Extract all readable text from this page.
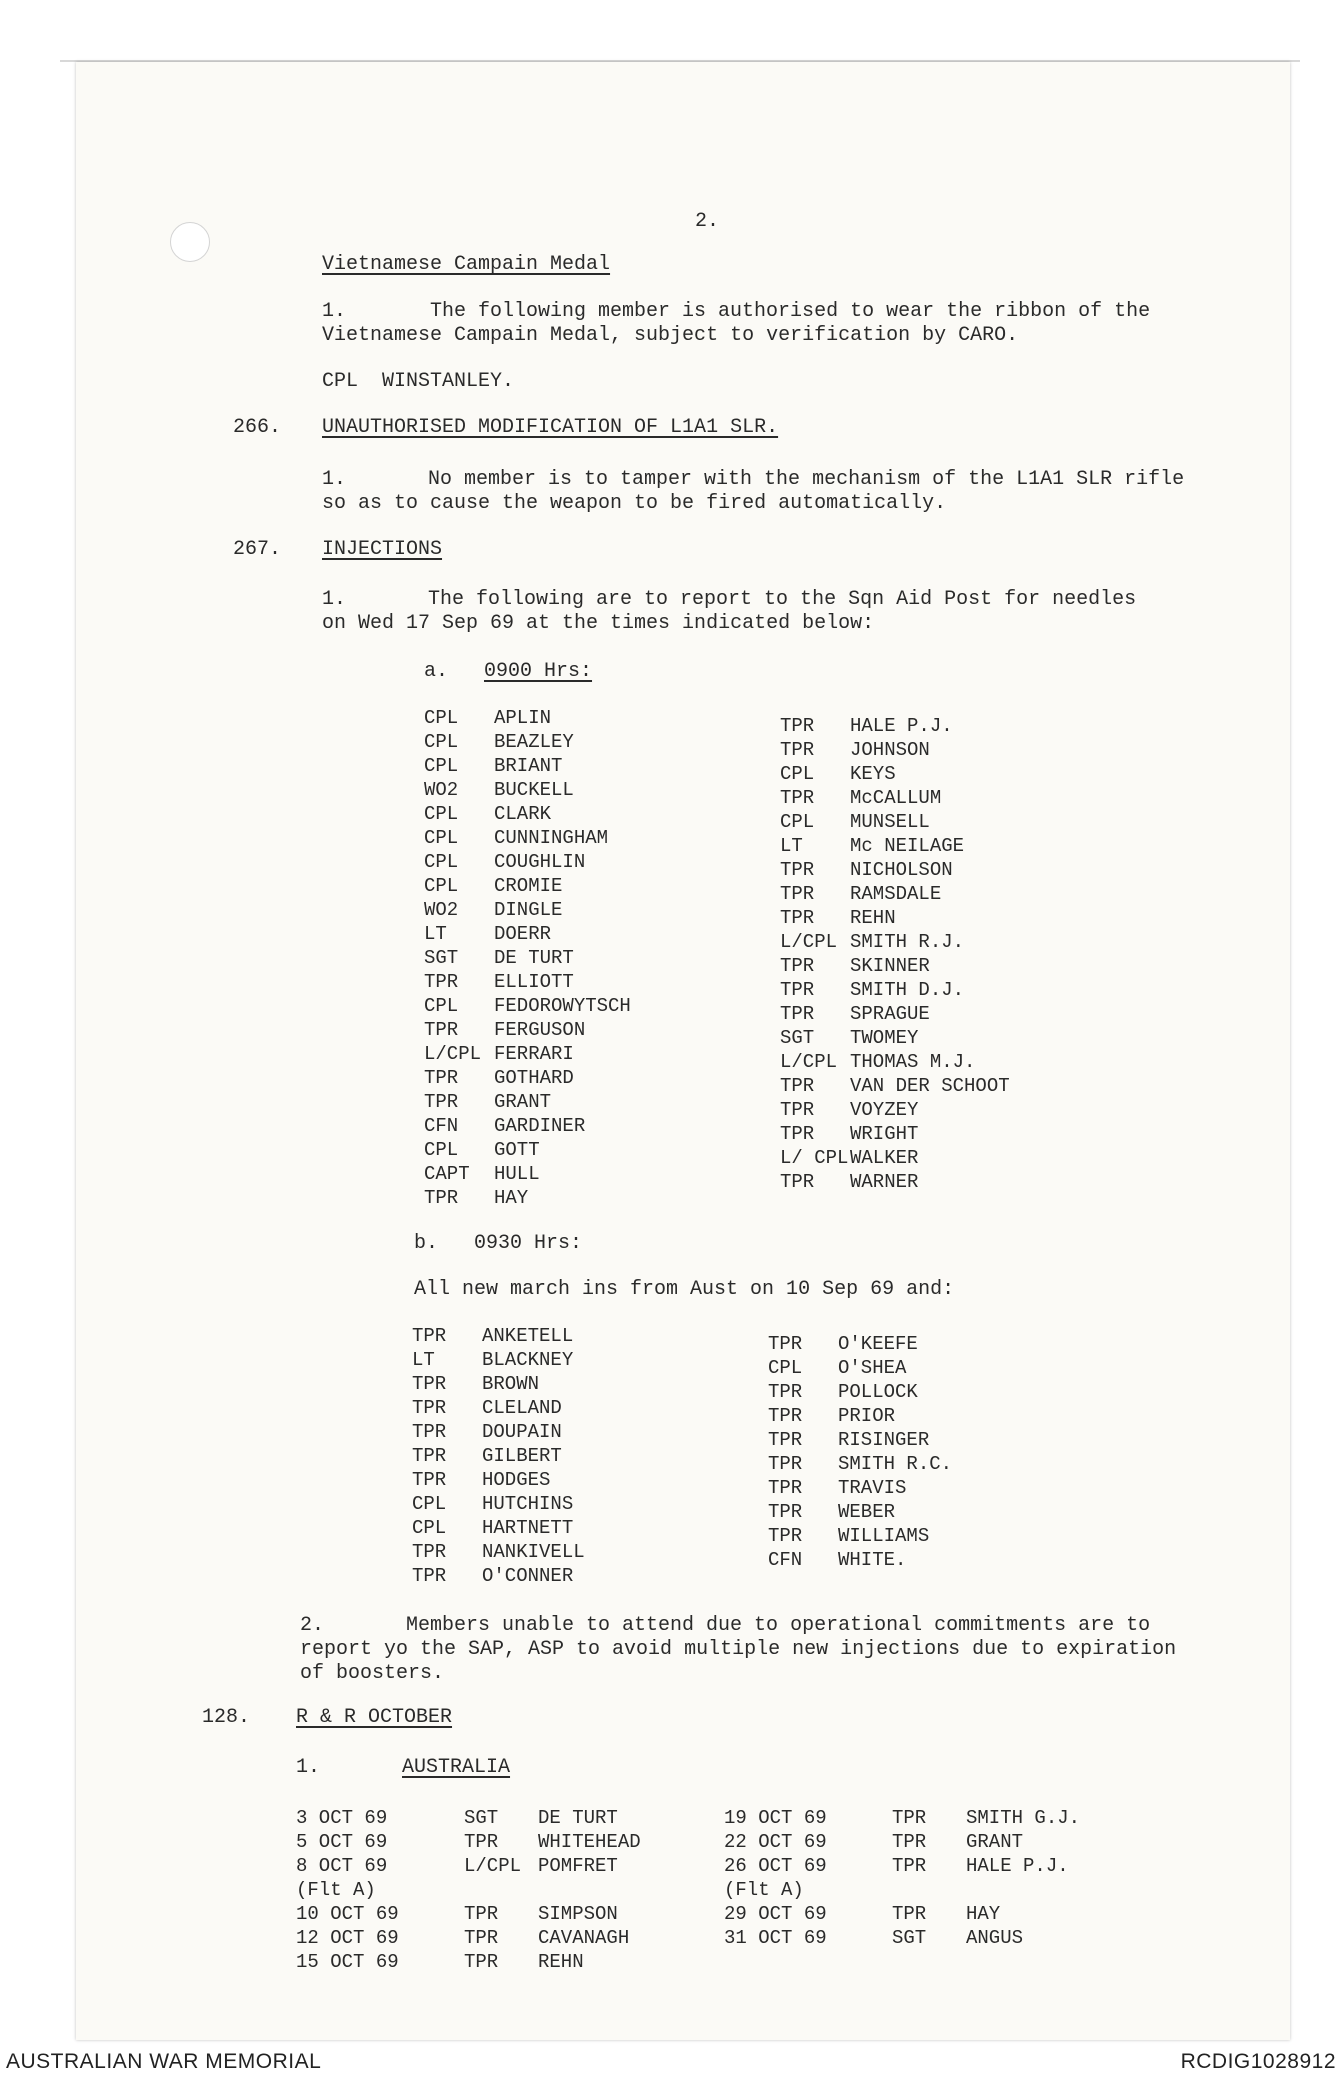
2.
Vietnamese Campain Medal
1.	The following member is authorised to wear the ribbon of the Vietnamese Campain Medal, subject to verification by CARO.
CPL  WINSTANLEY.
266. UNAUTHORISED MODIFICATION OF L1A1 SLR.
1.	No member is to tamper with the mechanism of the L1A1 SLR rifle so as to cause the weapon to be fired automatically.
267. INJECTIONS
1.	The following are to report to the Sqn Aid Post for needles on Wed 17 Sep 69 at the times indicated below:
a. 0900 Hrs:
CPL APLIN
CPL BEAZLEY
CPL BRIANT
WO2 BUCKELL
CPL CLARK
CPL CUNNINGHAM
CPL COUGHLIN
CPL CROMIE
WO2 DINGLE
LT DOERR
SGT DE TURT
TPR ELLIOTT
CPL FEDOROWYTSCH
TPR FERGUSON
L/CPL FERRARI
TPR GOTHARD
TPR GRANT
CFN GARDINER
CPL GOTT
CAPT HULL
TPR HAY
TPR HALE P.J.
TPR JOHNSON
CPL KEYS
TPR McCALLUM
CPL MUNSELL
LT Mc NEILAGE
TPR NICHOLSON
TPR RAMSDALE
TPR REHN
L/CPL SMITH R.J.
TPR SKINNER
TPR SMITH D.J.
TPR SPRAGUE
SGT TWOMEY
L/CPL THOMAS M.J.
TPR VAN DER SCHOOT
TPR VOYZEY
TPR WRIGHT
L/ CPLWALKER
TPR WARNER
b. 0930 Hrs:
All new march ins from Aust on 10 Sep 69 and:
TPR ANKETELL
LT BLACKNEY
TPR BROWN
TPR CLELAND
TPR DOUPAIN
TPR GILBERT
TPR HODGES
CPL HUTCHINS
CPL HARTNETT
TPR NANKIVELL
TPR O'CONNER
TPR O'KEEFE
CPL O'SHEA
TPR POLLOCK
TPR PRIOR
TPR RISINGER
TPR SMITH R.C.
TPR TRAVIS
TPR WEBER
TPR WILLIAMS
CFN WHITE.
2.	Members unable to attend due to operational commitments are to report yo the SAP, ASP to avoid multiple new injections due to expiration of boosters.
128. R & R OCTOBER
1.	AUSTRALIA
3 OCT 69	SGT DE TURT
5 OCT 69	TPR WHITEHEAD
8 OCT 69	L/CPL POMFRET
(Flt A)
10 OCT 69	TPR SIMPSON
12 OCT 69	TPR CAVANAGH
15 OCT 69	TPR REHN
19 OCT 69	TPR SMITH G.J.
22 OCT 69	TPR GRANT
26 OCT 69	TPR HALE P.J.
(Flt A)
29 OCT 69	TPR HAY
31 OCT 69	SGT ANGUS
AUSTRALIAN WAR MEMORIAL	RCDIG1028912
